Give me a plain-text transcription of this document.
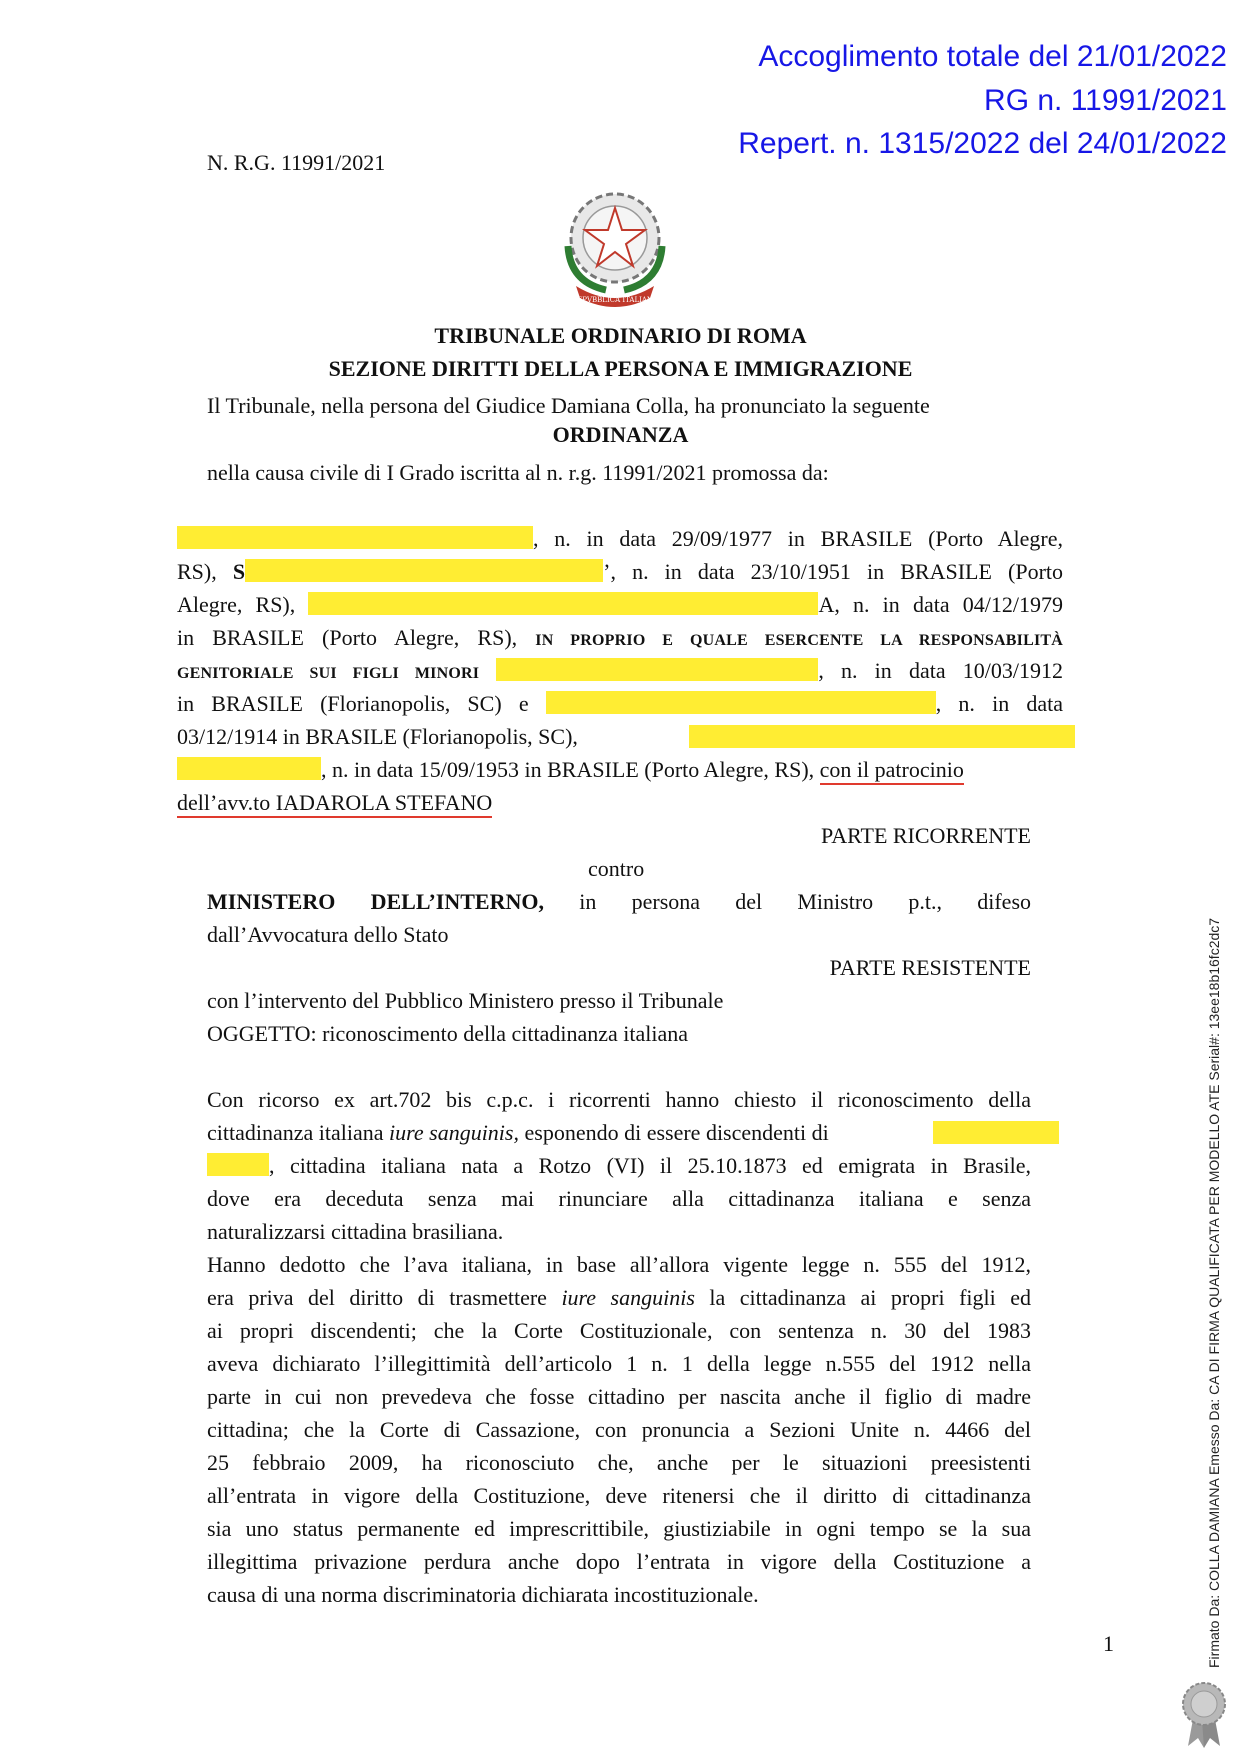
Accoglimento totale del 21/01/2022
RG n. 11991/2021
Repert. n. 1315/2022 del 24/01/2022
N. R.G. 11991/2021
REPVBBLICA ITALIANA
TRIBUNALE ORDINARIO DI ROMA
SEZIONE DIRITTI DELLA PERSONA E IMMIGRAZIONE
Il Tribunale, nella persona del Giudice Damiana Colla, ha pronunciato la seguente
ORDINANZA
nella causa civile di I Grado iscritta al n. r.g. 11991/2021 promossa da:
, n. in data 29/09/1977 in BRASILE (Porto Alegre,
RS), S	’, n. in data 23/10/1951 in BRASILE (Porto
Alegre, RS),	A, n. in data 04/12/1979
in BRASILE (Porto Alegre, RS), IN PROPRIO E QUALE ESERCENTE LA RESPONSABILITÀ
GENITORIALE SUI FIGLI MINORI	, n. in data 10/03/1912
in BRASILE (Florianopolis, SC) e	, n. in data
03/12/1914 in BRASILE (Florianopolis, SC),
, n. in data 15/09/1953 in BRASILE (Porto Alegre, RS), con il patrocinio
dell’avv.to IADAROLA STEFANO
PARTE RICORRENTE
contro
MINISTERO DELL’INTERNO, in persona del Ministro p.t., difeso
dall’Avvocatura dello Stato
PARTE RESISTENTE
con l’intervento del Pubblico Ministero presso il Tribunale
OGGETTO: riconoscimento della cittadinanza italiana
Con ricorso ex art.702 bis c.p.c. i ricorrenti hanno chiesto il riconoscimento della
cittadinanza italiana iure sanguinis, esponendo di essere discendenti di
, cittadina italiana nata a Rotzo (VI) il 25.10.1873 ed emigrata in Brasile,
dove era deceduta senza mai rinunciare alla cittadinanza italiana e senza
naturalizzarsi cittadina brasiliana.
Hanno dedotto che l’ava italiana, in base all’allora vigente legge n. 555 del 1912,
era priva del diritto di trasmettere iure sanguinis la cittadinanza ai propri figli ed
ai propri discendenti; che la Corte Costituzionale, con sentenza n. 30 del 1983
aveva dichiarato l’illegittimità dell’articolo 1 n. 1 della legge n.555 del 1912 nella
parte in cui non prevedeva che fosse cittadino per nascita anche il figlio di madre
cittadina; che la Corte di Cassazione, con pronuncia a Sezioni Unite n. 4466 del
25 febbraio 2009, ha riconosciuto che, anche per le situazioni preesistenti
all’entrata in vigore della Costituzione, deve ritenersi che il diritto di cittadinanza
sia uno status permanente ed imprescrittibile, giustiziabile in ogni tempo se la sua
illegittima privazione perdura anche dopo l’entrata in vigore della Costituzione a
causa di una norma discriminatoria dichiarata incostituzionale.
1	Firmato Da: COLLA DAMIANA Emesso Da: CA DI FIRMA QUALIFICATA PER MODELLO ATE Serial#: 13ee18b16fc2dc7
